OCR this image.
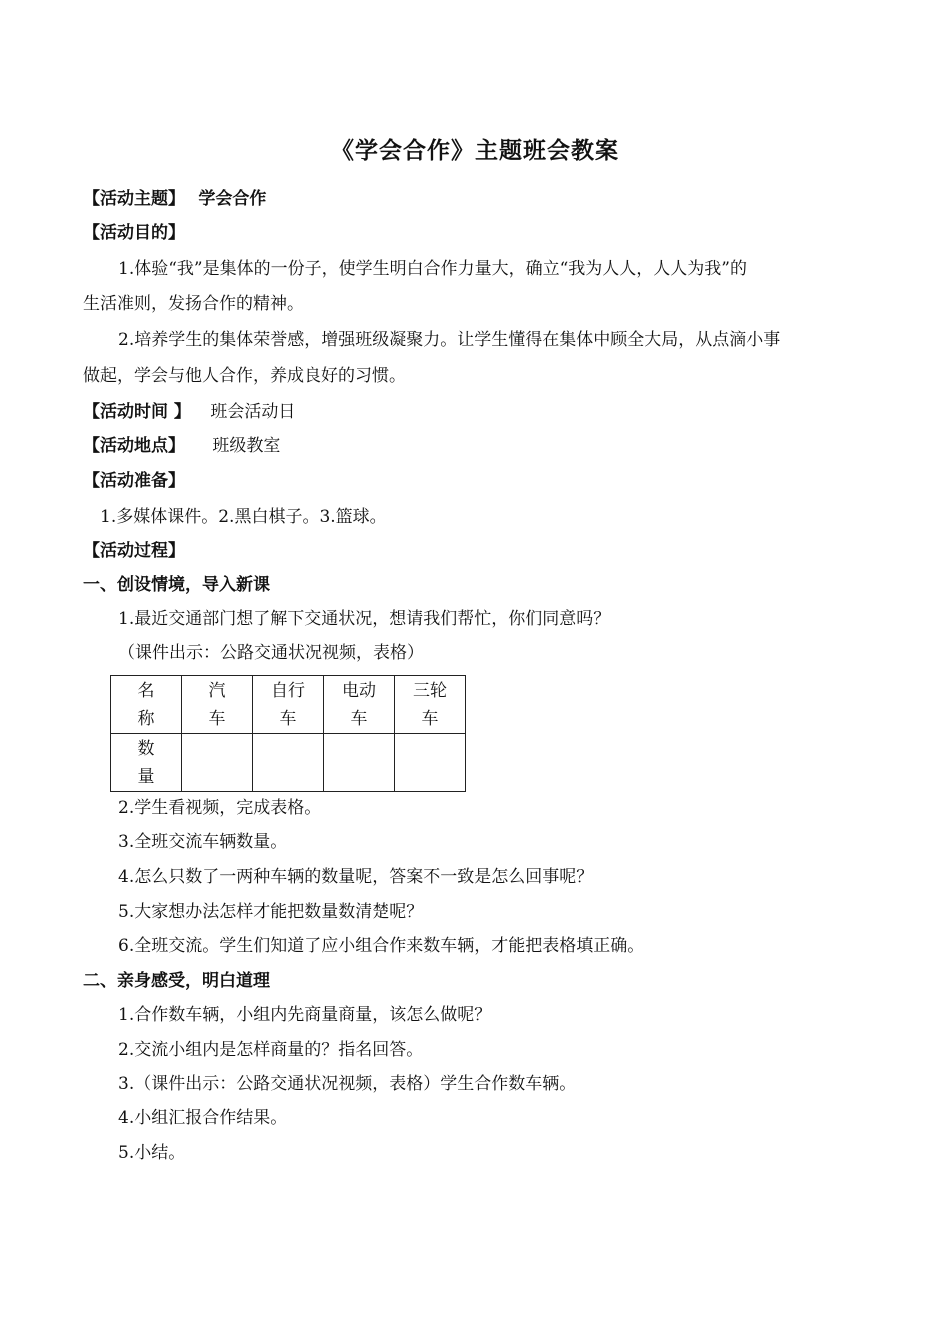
《学会合作》主题班会教案
【活动主题】 学会合作
【活动目的】
1.体验“我”是集体的一份子，使学生明白合作力量大，确立“我为人人，人人为我”的
生活准则，发扬合作的精神。
2.培养学生的集体荣誉感，增强班级凝聚力。让学生懂得在集体中顾全大局，从点滴小事
做起，学会与他人合作，养成良好的习惯。
【活动时间 】 班会活动日
【活动地点】 班级教室
【活动准备】
1.多媒体课件。2.黑白棋子。3.篮球。
【活动过程】
一、创设情境，导入新课
1.最近交通部门想了解下交通状况，想请我们帮忙，你们同意吗？
（课件出示：公路交通状况视频，表格）
名称	汽车	自行车	电动车	三轮车

数量				

2.学生看视频，完成表格。
3.全班交流车辆数量。
4.怎么只数了一两种车辆的数量呢，答案不一致是怎么回事呢？
5.大家想办法怎样才能把数量数清楚呢？
6.全班交流。学生们知道了应小组合作来数车辆，才能把表格填正确。
二、亲身感受，明白道理
1.合作数车辆，小组内先商量商量，该怎么做呢？
2.交流小组内是怎样商量的？指名回答。
3.（课件出示：公路交通状况视频，表格）学生合作数车辆。
4.小组汇报合作结果。
5.小结。
